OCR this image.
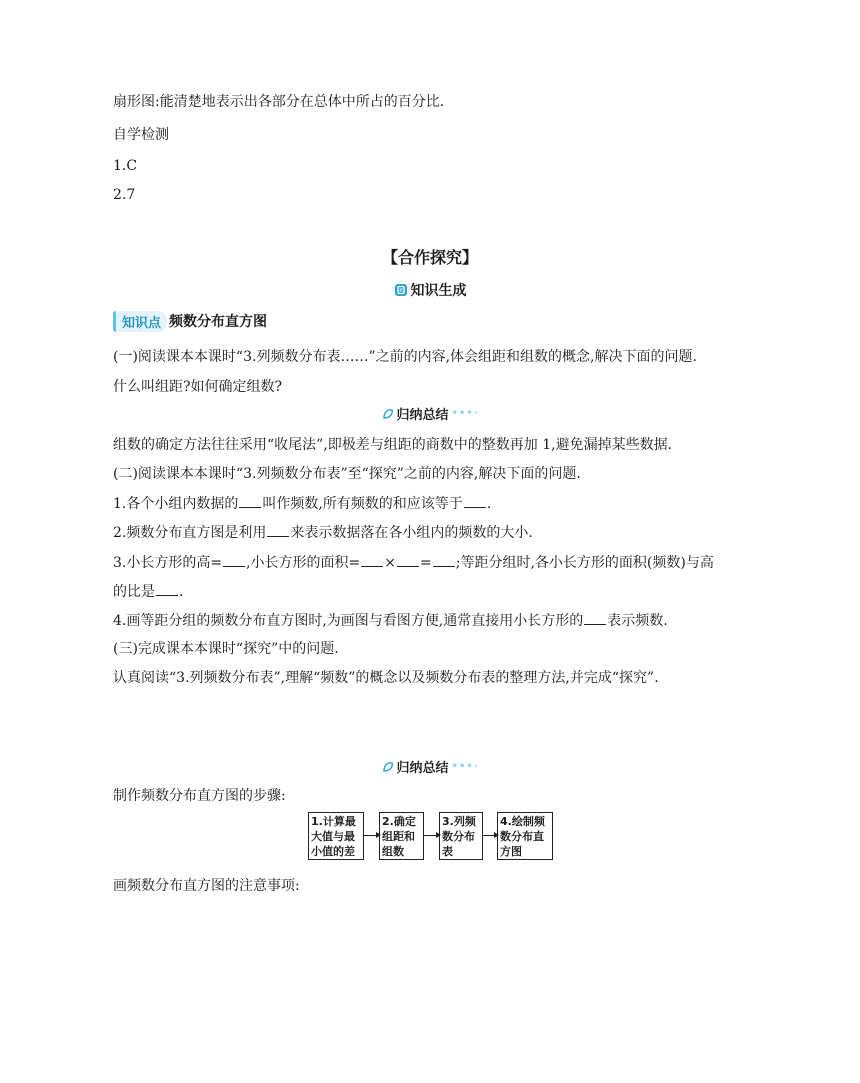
扇形图:能清楚地表示出各部分在总体中所占的百分比.
自学检测
1.C
2.7
【合作探究】
知识生成
知识点 频数分布直方图
(一)阅读课本本课时“3.列频数分布表……”之前的内容,体会组距和组数的概念,解决下面的问题.
什么叫组距?如何确定组数?
归纳总结 •••·
组数的确定方法往往采用“收尾法”,即极差与组距的商数中的整数再加 1,避免漏掉某些数据.
(二)阅读课本本课时“3.列频数分布表”至“探究”之前的内容,解决下面的问题.
1.各个小组内数据的 叫作频数,所有频数的和应该等于 .
2.频数分布直方图是利用 来表示数据落在各小组内的频数的大小.
3.小长方形的高= ,小长方形的面积= × = ;等距分组时,各小长方形的面积(频数)与高
的比是 .
4.画等距分组的频数分布直方图时,为画图与看图方便,通常直接用小长方形的 表示频数.
(三)完成课本本课时“探究”中的问题.
认真阅读“3.列频数分布表”,理解“频数”的概念以及频数分布表的整理方法,并完成“探究”.
归纳总结 •••·
制作频数分布直方图的步骤:
1.计算最
大值与最
小值的差
2.确定
组距和
组数
3.列频
数分布
表
4.绘制频
数分布直
方图
画频数分布直方图的注意事项:
